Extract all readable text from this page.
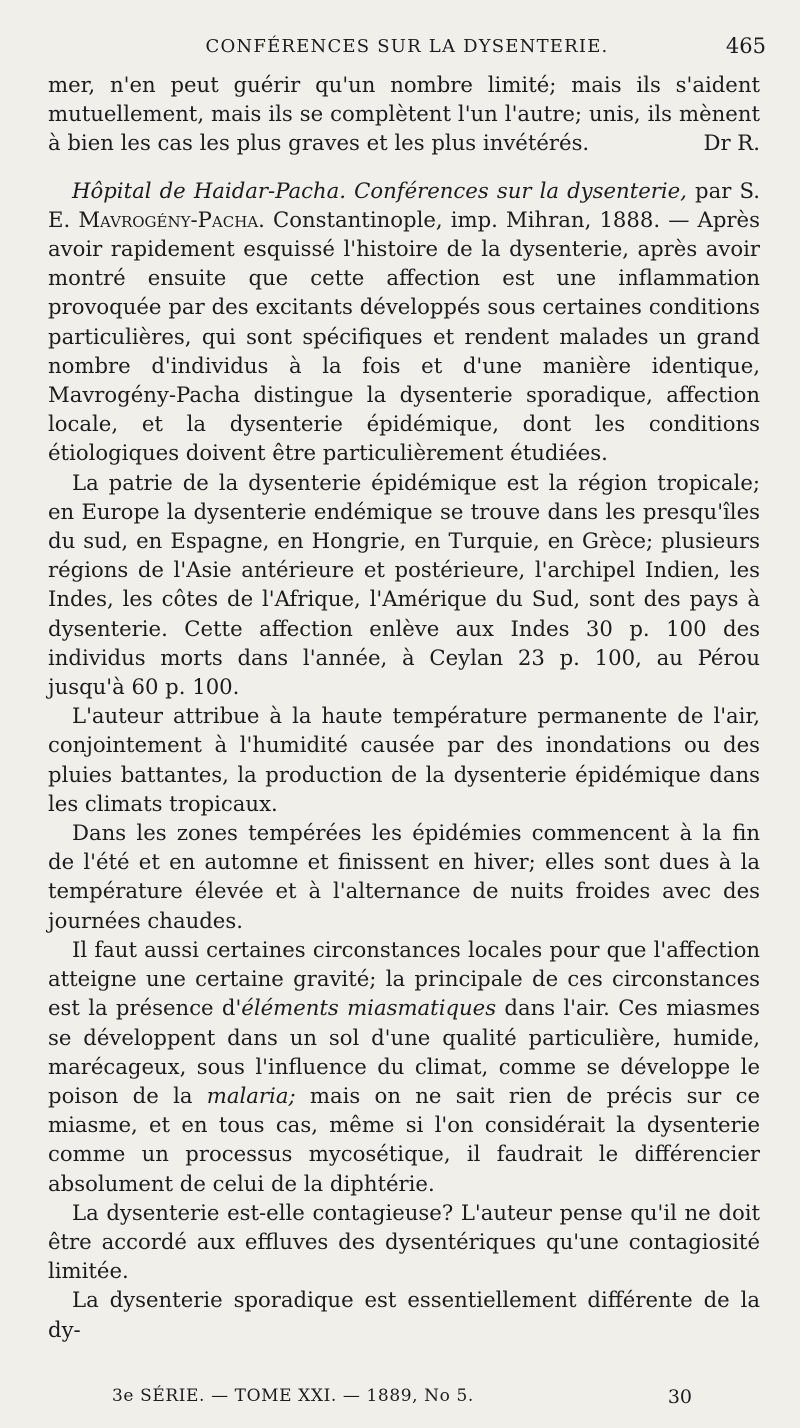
CONFÉRENCES SUR LA DYSENTERIE.	465

mer, n'en peut guérir qu'un nombre limité; mais ils s'aident mutuellement, mais ils se complètent l'un l'autre; unis, ils mènent à bien les cas les plus graves et les plus invétérés.	Dr R.

Hôpital de Haidar-Pacha. Conférences sur la dysenterie, par S. E. Mavrogény-Pacha. Constantinople, imp. Mihran, 1888. — Après avoir rapidement esquissé l'histoire de la dysenterie, après avoir montré ensuite que cette affection est une inflammation provoquée par des excitants développés sous certaines conditions particulières, qui sont spécifiques et rendent malades un grand nombre d'individus à la fois et d'une manière identique, Mavrogény-Pacha distingue la dysenterie sporadique, affection locale, et la dysenterie épidémique, dont les conditions étiologiques doivent être particulièrement étudiées.

La patrie de la dysenterie épidémique est la région tropicale; en Europe la dysenterie endémique se trouve dans les presqu'îles du sud, en Espagne, en Hongrie, en Turquie, en Grèce; plusieurs régions de l'Asie antérieure et postérieure, l'archipel Indien, les Indes, les côtes de l'Afrique, l'Amérique du Sud, sont des pays à dysenterie. Cette affection enlève aux Indes 30 p. 100 des individus morts dans l'année, à Ceylan 23 p. 100, au Pérou jusqu'à 60 p. 100.

L'auteur attribue à la haute température permanente de l'air, conjointement à l'humidité causée par des inondations ou des pluies battantes, la production de la dysenterie épidémique dans les climats tropicaux.

Dans les zones tempérées les épidémies commencent à la fin de l'été et en automne et finissent en hiver; elles sont dues à la température élevée et à l'alternance de nuits froides avec des journées chaudes.

Il faut aussi certaines circonstances locales pour que l'affection atteigne une certaine gravité; la principale de ces circonstances est la présence d'éléments miasmatiques dans l'air. Ces miasmes se développent dans un sol d'une qualité particulière, humide, marécageux, sous l'influence du climat, comme se développe le poison de la malaria; mais on ne sait rien de précis sur ce miasme, et en tous cas, même si l'on considérait la dysenterie comme un processus mycosétique, il faudrait le différencier absolument de celui de la diphtérie.

La dysenterie est-elle contagieuse? L'auteur pense qu'il ne doit être accordé aux effluves des dysentériques qu'une contagiosité limitée.

La dysenterie sporadique est essentiellement différente de la dy-

3e SÉRIE. — TOME XXI. — 1889, No 5.	30
